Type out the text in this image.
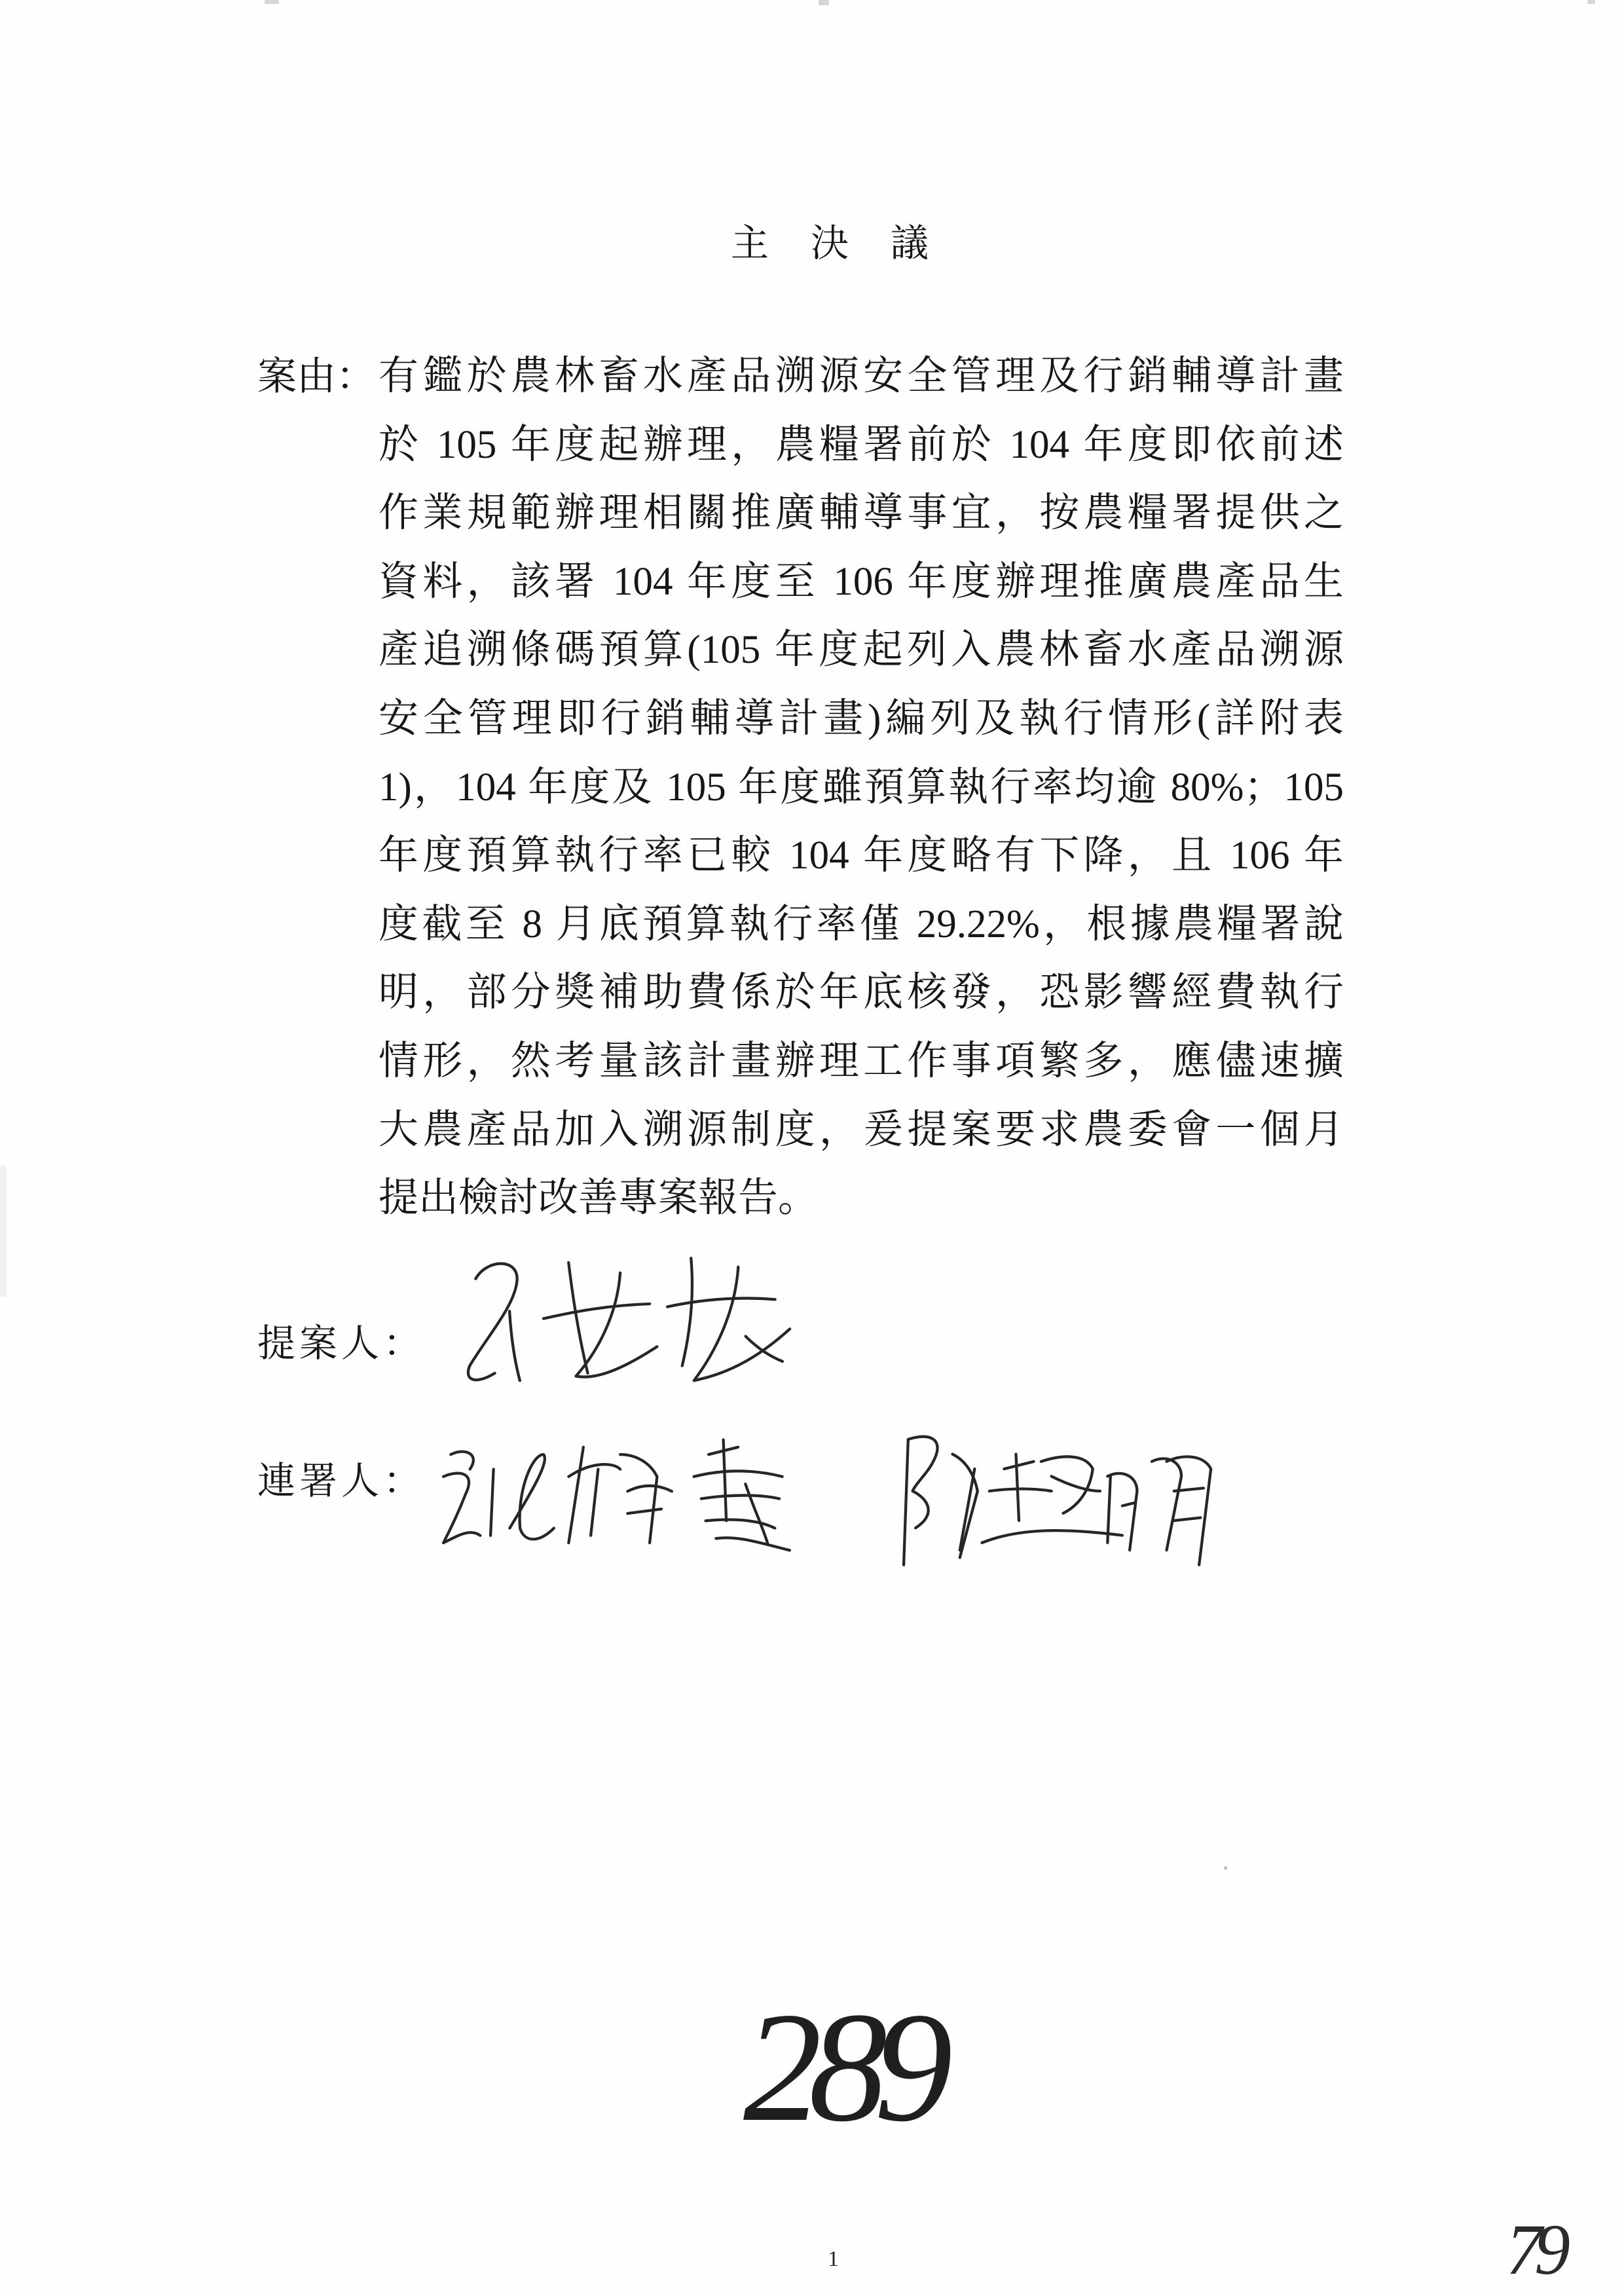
主決議
案由： 有鑑於農林畜水產品溯源安全管理及行銷輔導計畫
於 105 年度起辦理，農糧署前於 104 年度即依前述
作業規範辦理相關推廣輔導事宜，按農糧署提供之
資料，該署 104 年度至 106 年度辦理推廣農產品生
產追溯條碼預算(105 年度起列入農林畜水產品溯源
安全管理即行銷輔導計畫)編列及執行情形(詳附表
1)，104 年度及 105 年度雖預算執行率均逾 80%；105
年度預算執行率已較 104 年度略有下降，且 106 年
度截至 8 月底預算執行率僅 29.22%，根據農糧署說
明，部分獎補助費係於年底核發，恐影響經費執行
情形，然考量該計畫辦理工作事項繁多，應儘速擴
大農產品加入溯源制度，爰提案要求農委會一個月
提出檢討改善專案報告。
提案人：
連署人：
289
1	79
